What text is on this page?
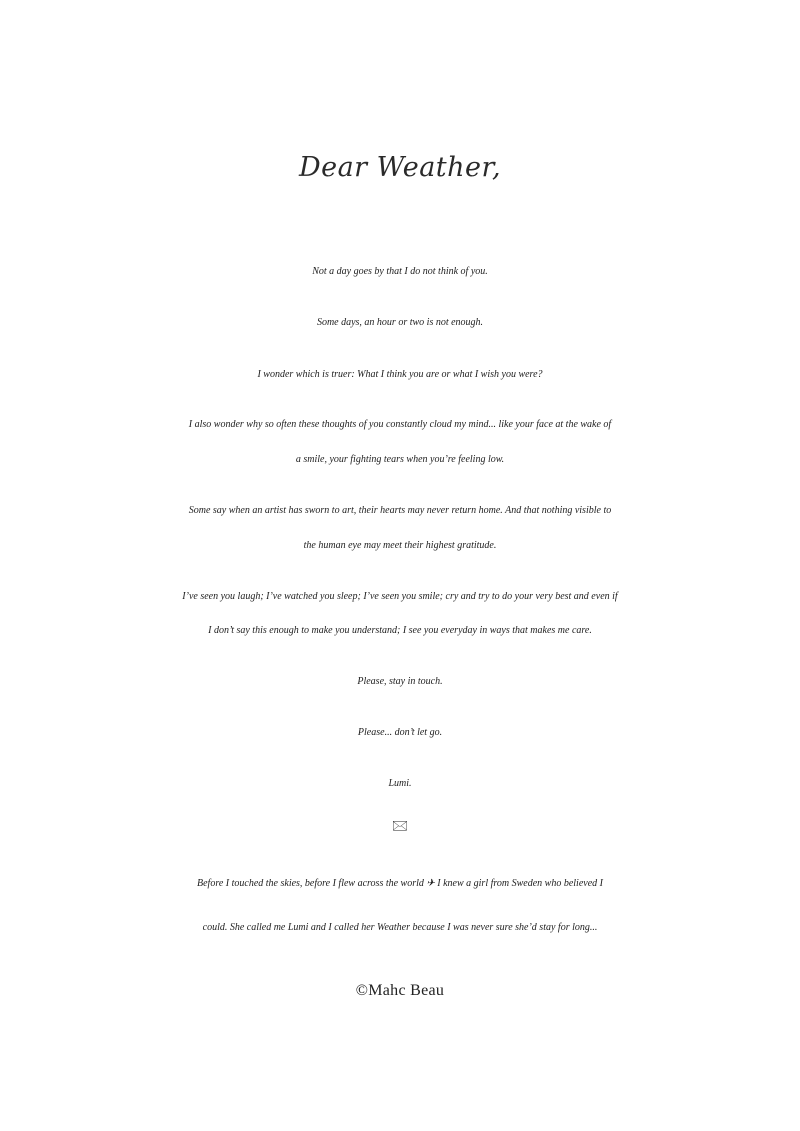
Dear Weather,
Not a day goes by that I do not think of you.
Some days, an hour or two is not enough.
I wonder which is truer: What I think you are or what I wish you were?
I also wonder why so often these thoughts of you constantly cloud my mind... like your face at the wake of
a smile, your fighting tears when you’re feeling low.
Some say when an artist has sworn to art, their hearts may never return home. And that nothing visible to
the human eye may meet their highest gratitude.
I’ve seen you laugh; I’ve watched you sleep; I’ve seen you smile; cry and try to do your very best and even if
I don’t say this enough to make you understand; I see you everyday in ways that makes me care.
Please, stay in touch.
Please... don’t let go.
Lumi.
🖂
Before I touched the skies, before I flew across the world ✈ I knew a girl from Sweden who believed I
could. She called me Lumi and I called her Weather because I was never sure she’d stay for long...
©Mahc Beau
